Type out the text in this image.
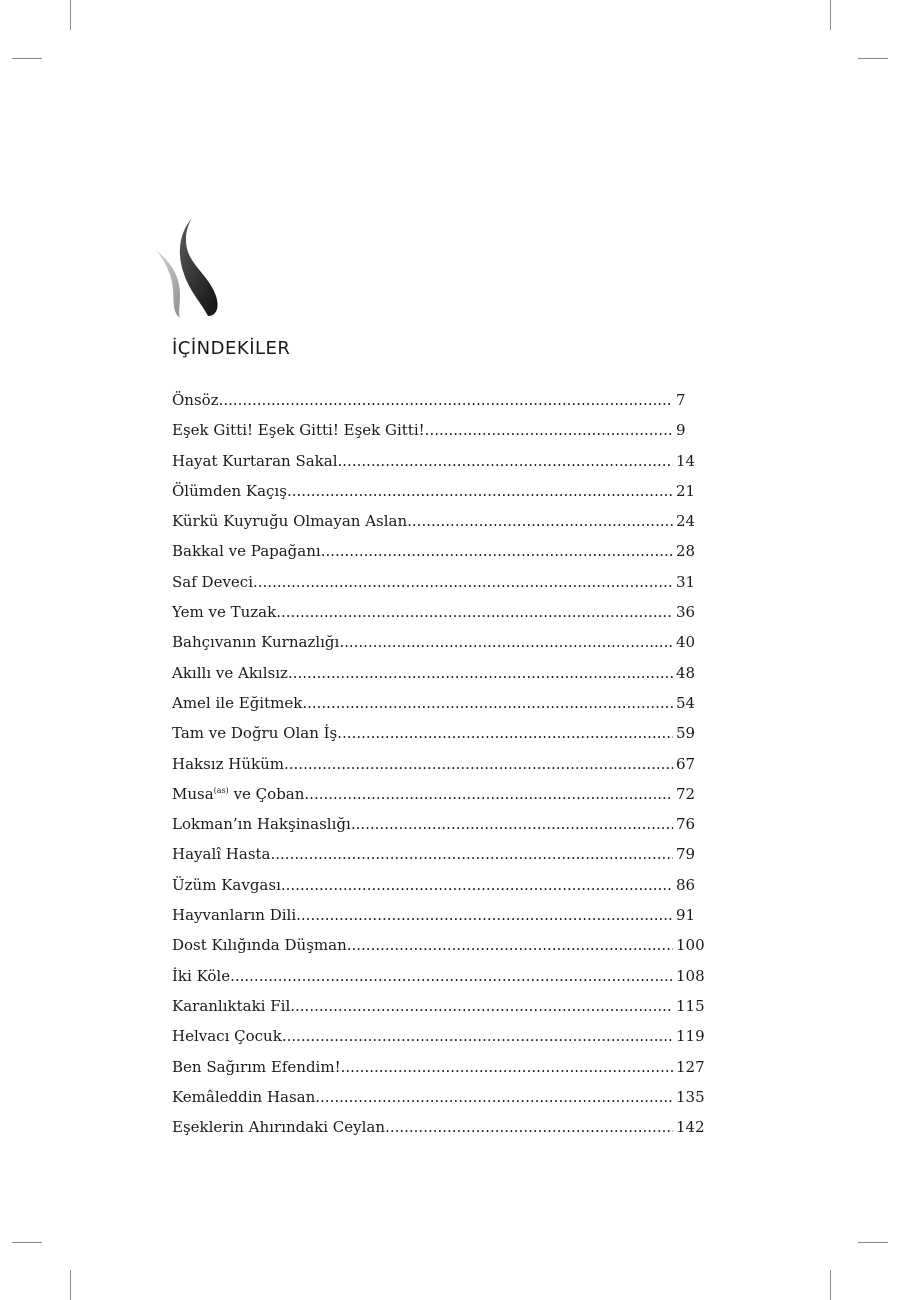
İÇİNDEKİLER
Önsöz .....	7
Eşek Gitti! Eşek Gitti! Eşek Gitti! .....	9
Hayat Kurtaran Sakal .....	14
Ölümden Kaçış .....	21
Kürkü Kuyruğu Olmayan Aslan .....	24
Bakkal ve Papağanı .....	28
Saf Deveci .....	31
Yem ve Tuzak .....	36
Bahçıvanın Kurnazlığı .....	40
Akıllı ve Akılsız .....	48
Amel ile Eğitmek .....	54
Tam ve Doğru Olan İş .....	59
Haksız Hüküm .....	67
Musa$^{(as)}$ ve Çoban .....	72
Lokman’ın Hakşinaslığı .....	76
Hayalî Hasta .....	79
Üzüm Kavgası .....	86
Hayvanların Dili .....	91
Dost Kılığında Düşman .....	100
İki Köle .....	108
Karanlıktaki Fil .....	115
Helvacı Çocuk .....	119
Ben Sağırım Efendim! .....	127
Kemâleddin Hasan .....	135
Eşeklerin Ahırındaki Ceylan .....	142
